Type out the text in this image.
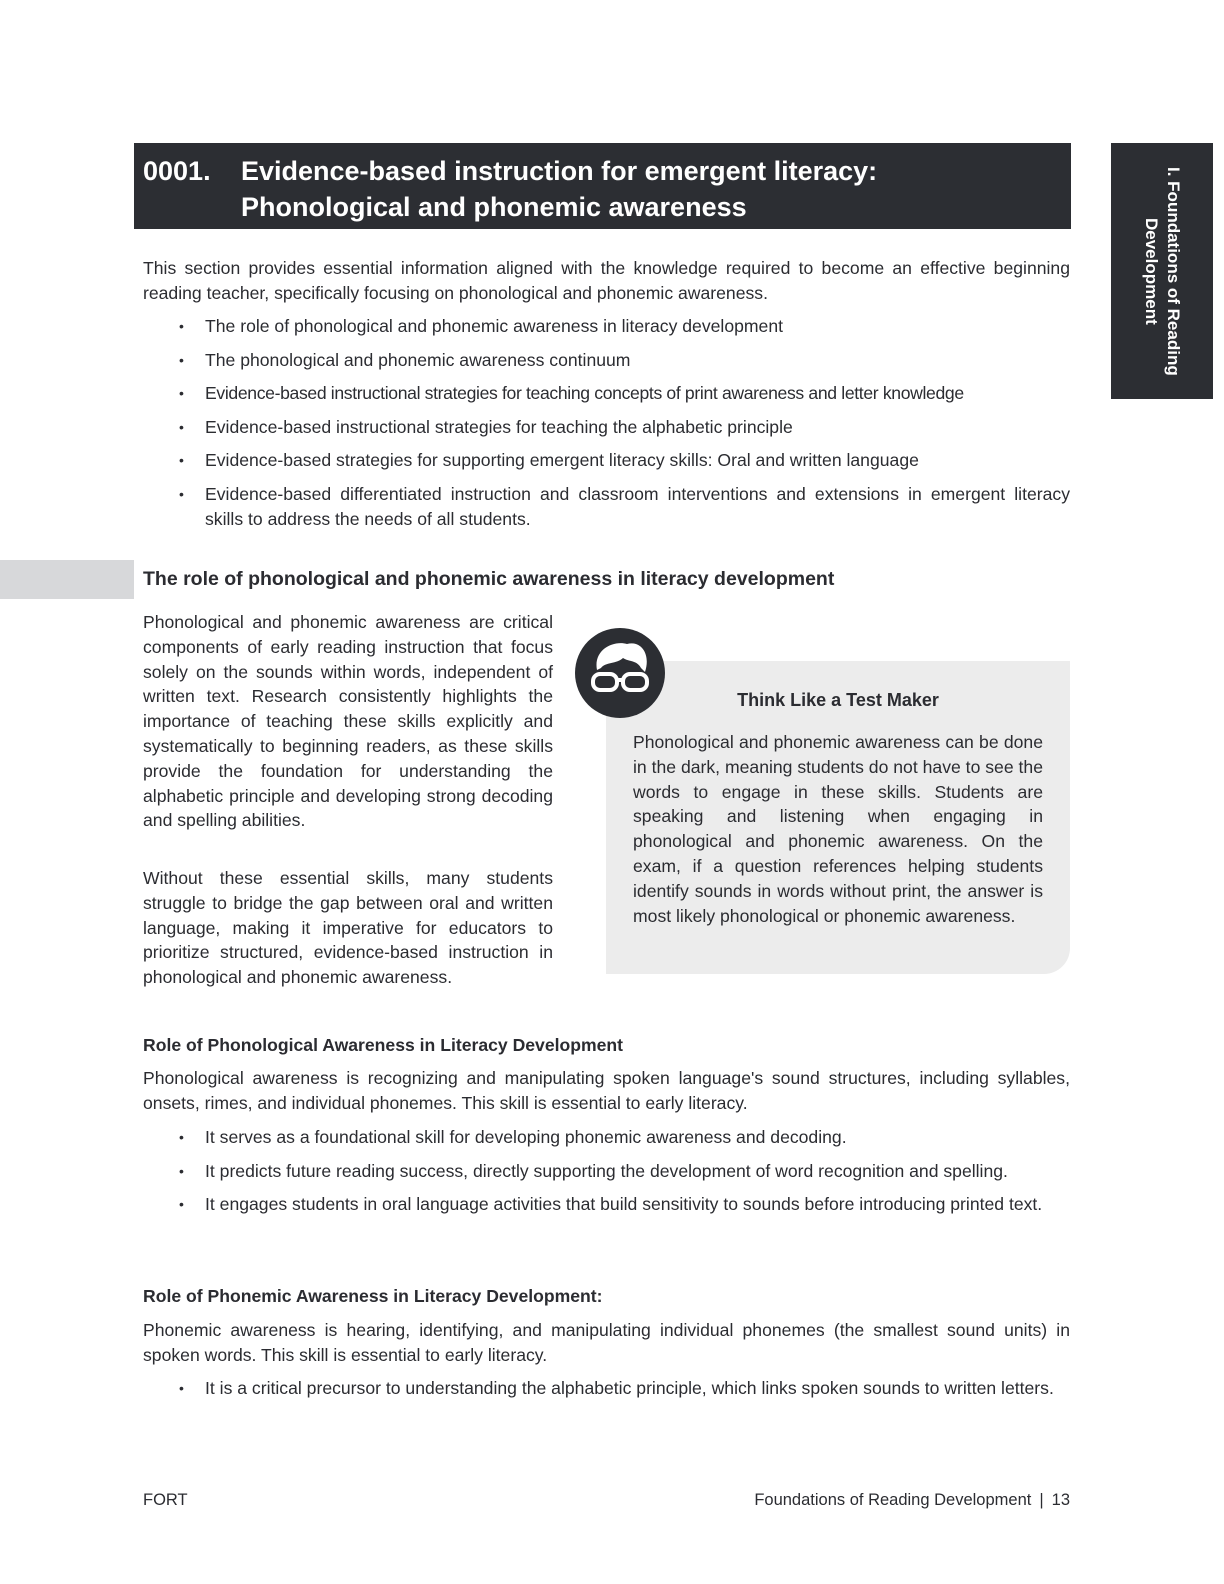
0001.	Evidence-based instruction for emergent literacy:
Phonological and phonemic awareness
I. Foundations of Reading
Development

This section provides essential information aligned with the knowledge required to become an effective beginning reading teacher, specifically focusing on phonological and phonemic awareness.

• The role of phonological and phonemic awareness in literacy development
• The phonological and phonemic awareness continuum
• Evidence-based instructional strategies for teaching concepts of print awareness and letter knowledge
• Evidence-based instructional strategies for teaching the alphabetic principle
• Evidence-based strategies for supporting emergent literacy skills: Oral and written language
• Evidence-based differentiated instruction and classroom interventions and extensions in emergent literacy skills to address the needs of all students.
The role of phonological and phonemic awareness in literacy development

Phonological and phonemic awareness are critical components of early reading instruction that focus solely on the sounds within words, independent of written text. Research consistently highlights the importance of teaching these skills explicitly and systematically to beginning readers, as these skills provide the foundation for understanding the alphabetic principle and developing strong decoding and spelling abilities.

Without these essential skills, many students struggle to bridge the gap between oral and written language, making it imperative for educators to prioritize structured, evidence-based instruction in phonological and phonemic awareness.

Think Like a Test Maker

Phonological and phonemic awareness can be done in the dark, meaning students do not have to see the words to engage in these skills. Students are speaking and listening when engaging in phonological and phonemic awareness. On the exam, if a question references helping students identify sounds in words without print, the answer is most likely phonological or phonemic awareness.

Role of Phonological Awareness in Literacy Development

Phonological awareness is recognizing and manipulating spoken language's sound structures, including syllables, onsets, rimes, and individual phonemes. This skill is essential to early literacy.

• It serves as a foundational skill for developing phonemic awareness and decoding.
• It predicts future reading success, directly supporting the development of word recognition and spelling.
• It engages students in oral language activities that build sensitivity to sounds before introducing printed text.
Role of Phonemic Awareness in Literacy Development:

Phonemic awareness is hearing, identifying, and manipulating individual phonemes (the smallest sound units) in spoken words. This skill is essential to early literacy.

• It is a critical precursor to understanding the alphabetic principle, which links spoken sounds to written letters.
FORT	Foundations of Reading Development | 13
